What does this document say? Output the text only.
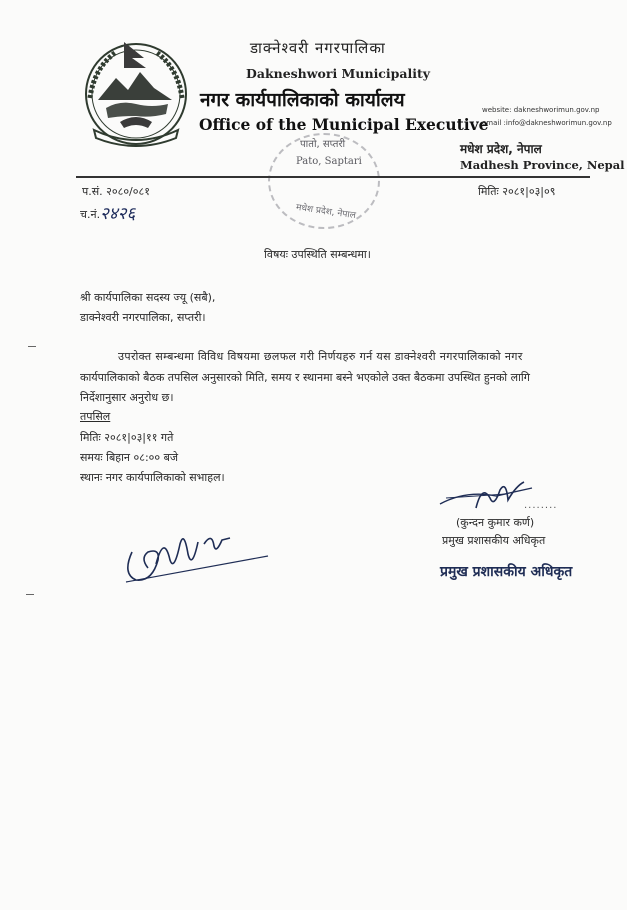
डाक्नेश्वरी नगरपालिका
Dakneshwori Municipality
नगर कार्यपालिकाको कार्यालय
Office of the Municipal Executive
website: dakneshworimun.gov.np
email :info@dakneshworimun.gov.np
मधेश प्रदेश, नेपाल
Madhesh Province, Nepal
पातो, सप्तरी
Pato, Saptari
मधेश प्रदेश, नेपाल
प.सं. २०८०/०८१	मितिः २०८१|०३|०९
च.नं. २४२६
विषयः उपस्थिति सम्बन्धमा।
श्री कार्यपालिका सदस्य ज्यू (सबै),
डाक्नेश्वरी नगरपालिका, सप्तरी।
उपरोक्त सम्बन्धमा विविध विषयमा छलफल गरी निर्णयहरु गर्न यस डाक्नेश्वरी नगरपालिकाको नगर
कार्यपालिकाको बैठक तपसिल अनुसारको मिति, समय र स्थानमा बस्ने भएकोले उक्त बैठकमा उपस्थित हुनको लागि
निर्देशानुसार अनुरोध छ।
तपसिल
मितिः २०८१|०३|११ गते
समयः बिहान ०८:०० बजे
स्थानः नगर कार्यपालिकाको सभाहल।
........
(कुन्दन कुमार कर्ण)
प्रमुख प्रशासकीय अधिकृत
प्रमुख प्रशासकीय अधिकृत
